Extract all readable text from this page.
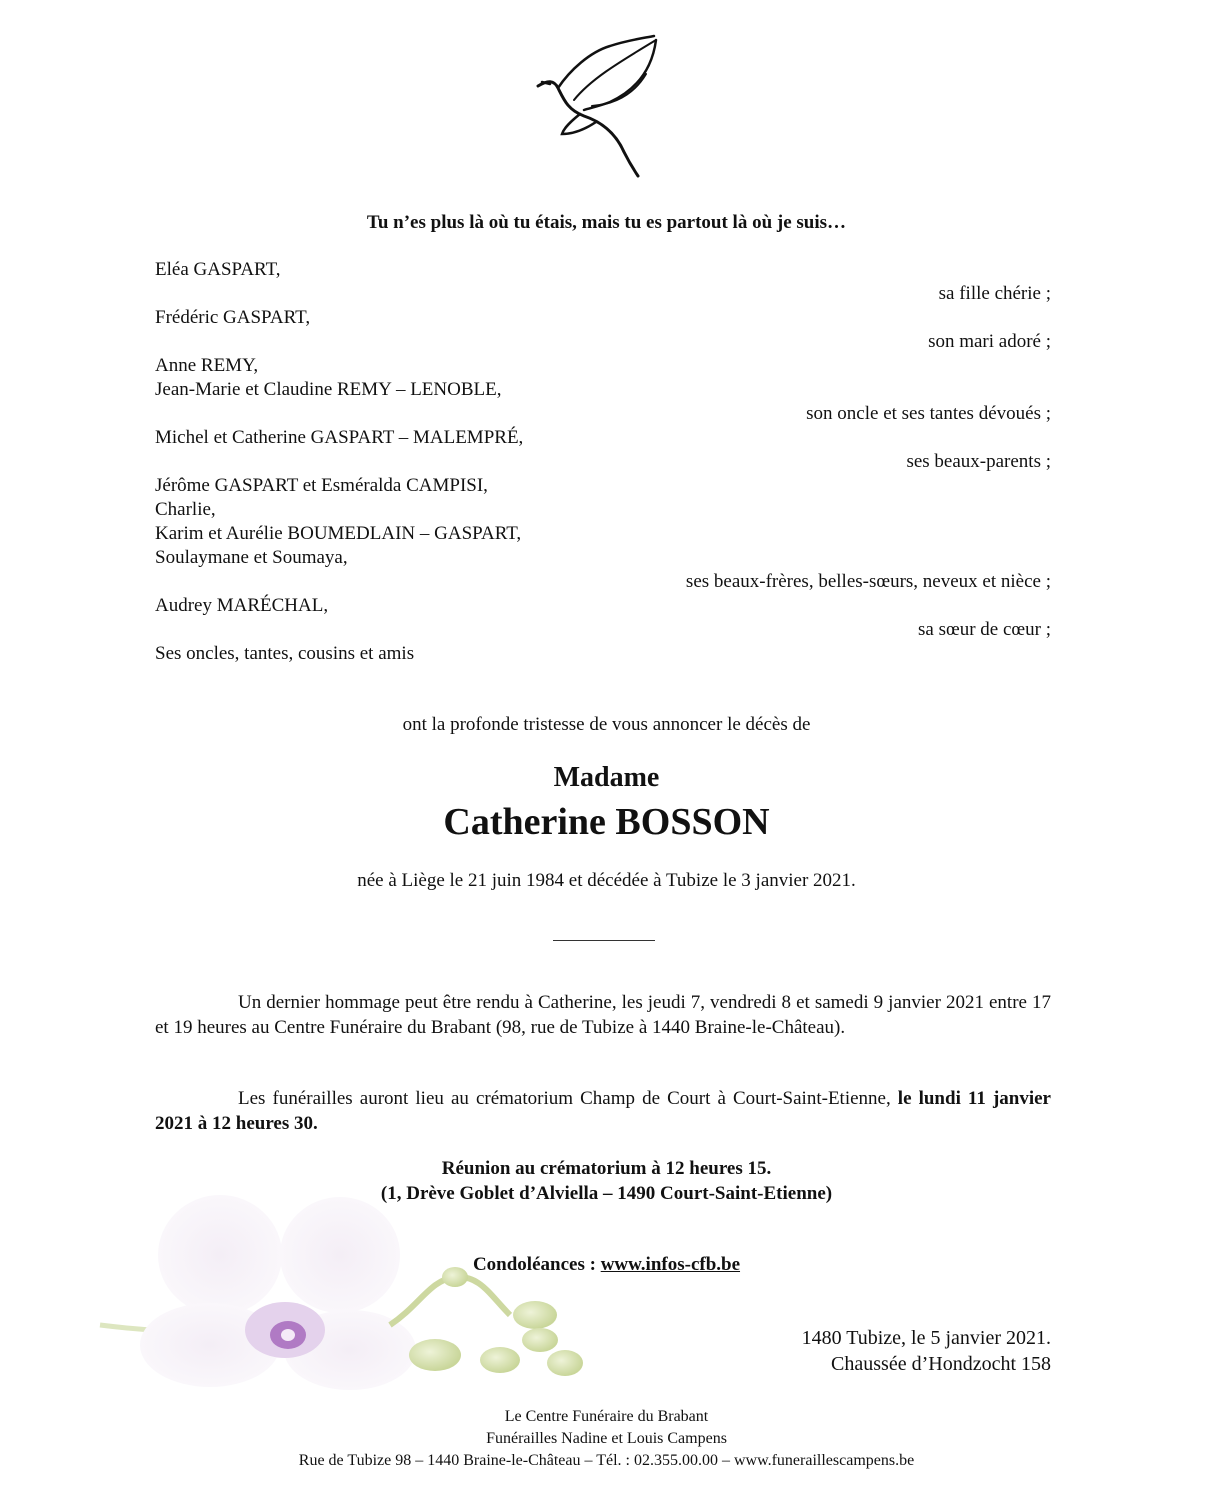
Tu n’es plus là où tu étais, mais tu es partout là où je suis…
Eléa GASPART,
Frédéric GASPART,
Anne REMY,
Jean-Marie et Claudine REMY – LENOBLE,
Michel et Catherine GASPART – MALEMPRÉ,
Jérôme GASPART et Esméralda CAMPISI,
Charlie,
Karim et Aurélie BOUMEDLAIN – GASPART,
Soulaymane et Soumaya,
Audrey MARÉCHAL,
Ses oncles, tantes, cousins et amis
sa fille chérie ;
son mari adoré ;
son oncle et ses tantes dévoués ;
ses beaux-parents ;
ses beaux-frères, belles-sœurs, neveux et nièce ;
sa sœur de cœur ;
ont la profonde tristesse de vous annoncer le décès de
Madame
Catherine BOSSON
née à Liège le 21 juin 1984 et décédée à Tubize le 3 janvier 2021.
Un dernier hommage peut être rendu à Catherine, les jeudi 7, vendredi 8 et samedi 9 janvier 2021 entre 17 et 19 heures au Centre Funéraire du Brabant (98, rue de Tubize à 1440 Braine-le-Château).
Les funérailles auront lieu au crématorium Champ de Court à Court-Saint-Etienne, le lundi 11 janvier 2021 à 12 heures 30.
Réunion au crématorium à 12 heures 15.
(1, Drève Goblet d’Alviella – 1490 Court-Saint-Etienne)
Condoléances : www.infos-cfb.be
1480 Tubize, le 5 janvier 2021.
Chaussée d’Hondzocht 158
Le Centre Funéraire du Brabant
Funérailles Nadine et Louis Campens
Rue de Tubize 98 – 1440 Braine-le-Château – Tél. : 02.355.00.00 – www.funeraillescampens.be
